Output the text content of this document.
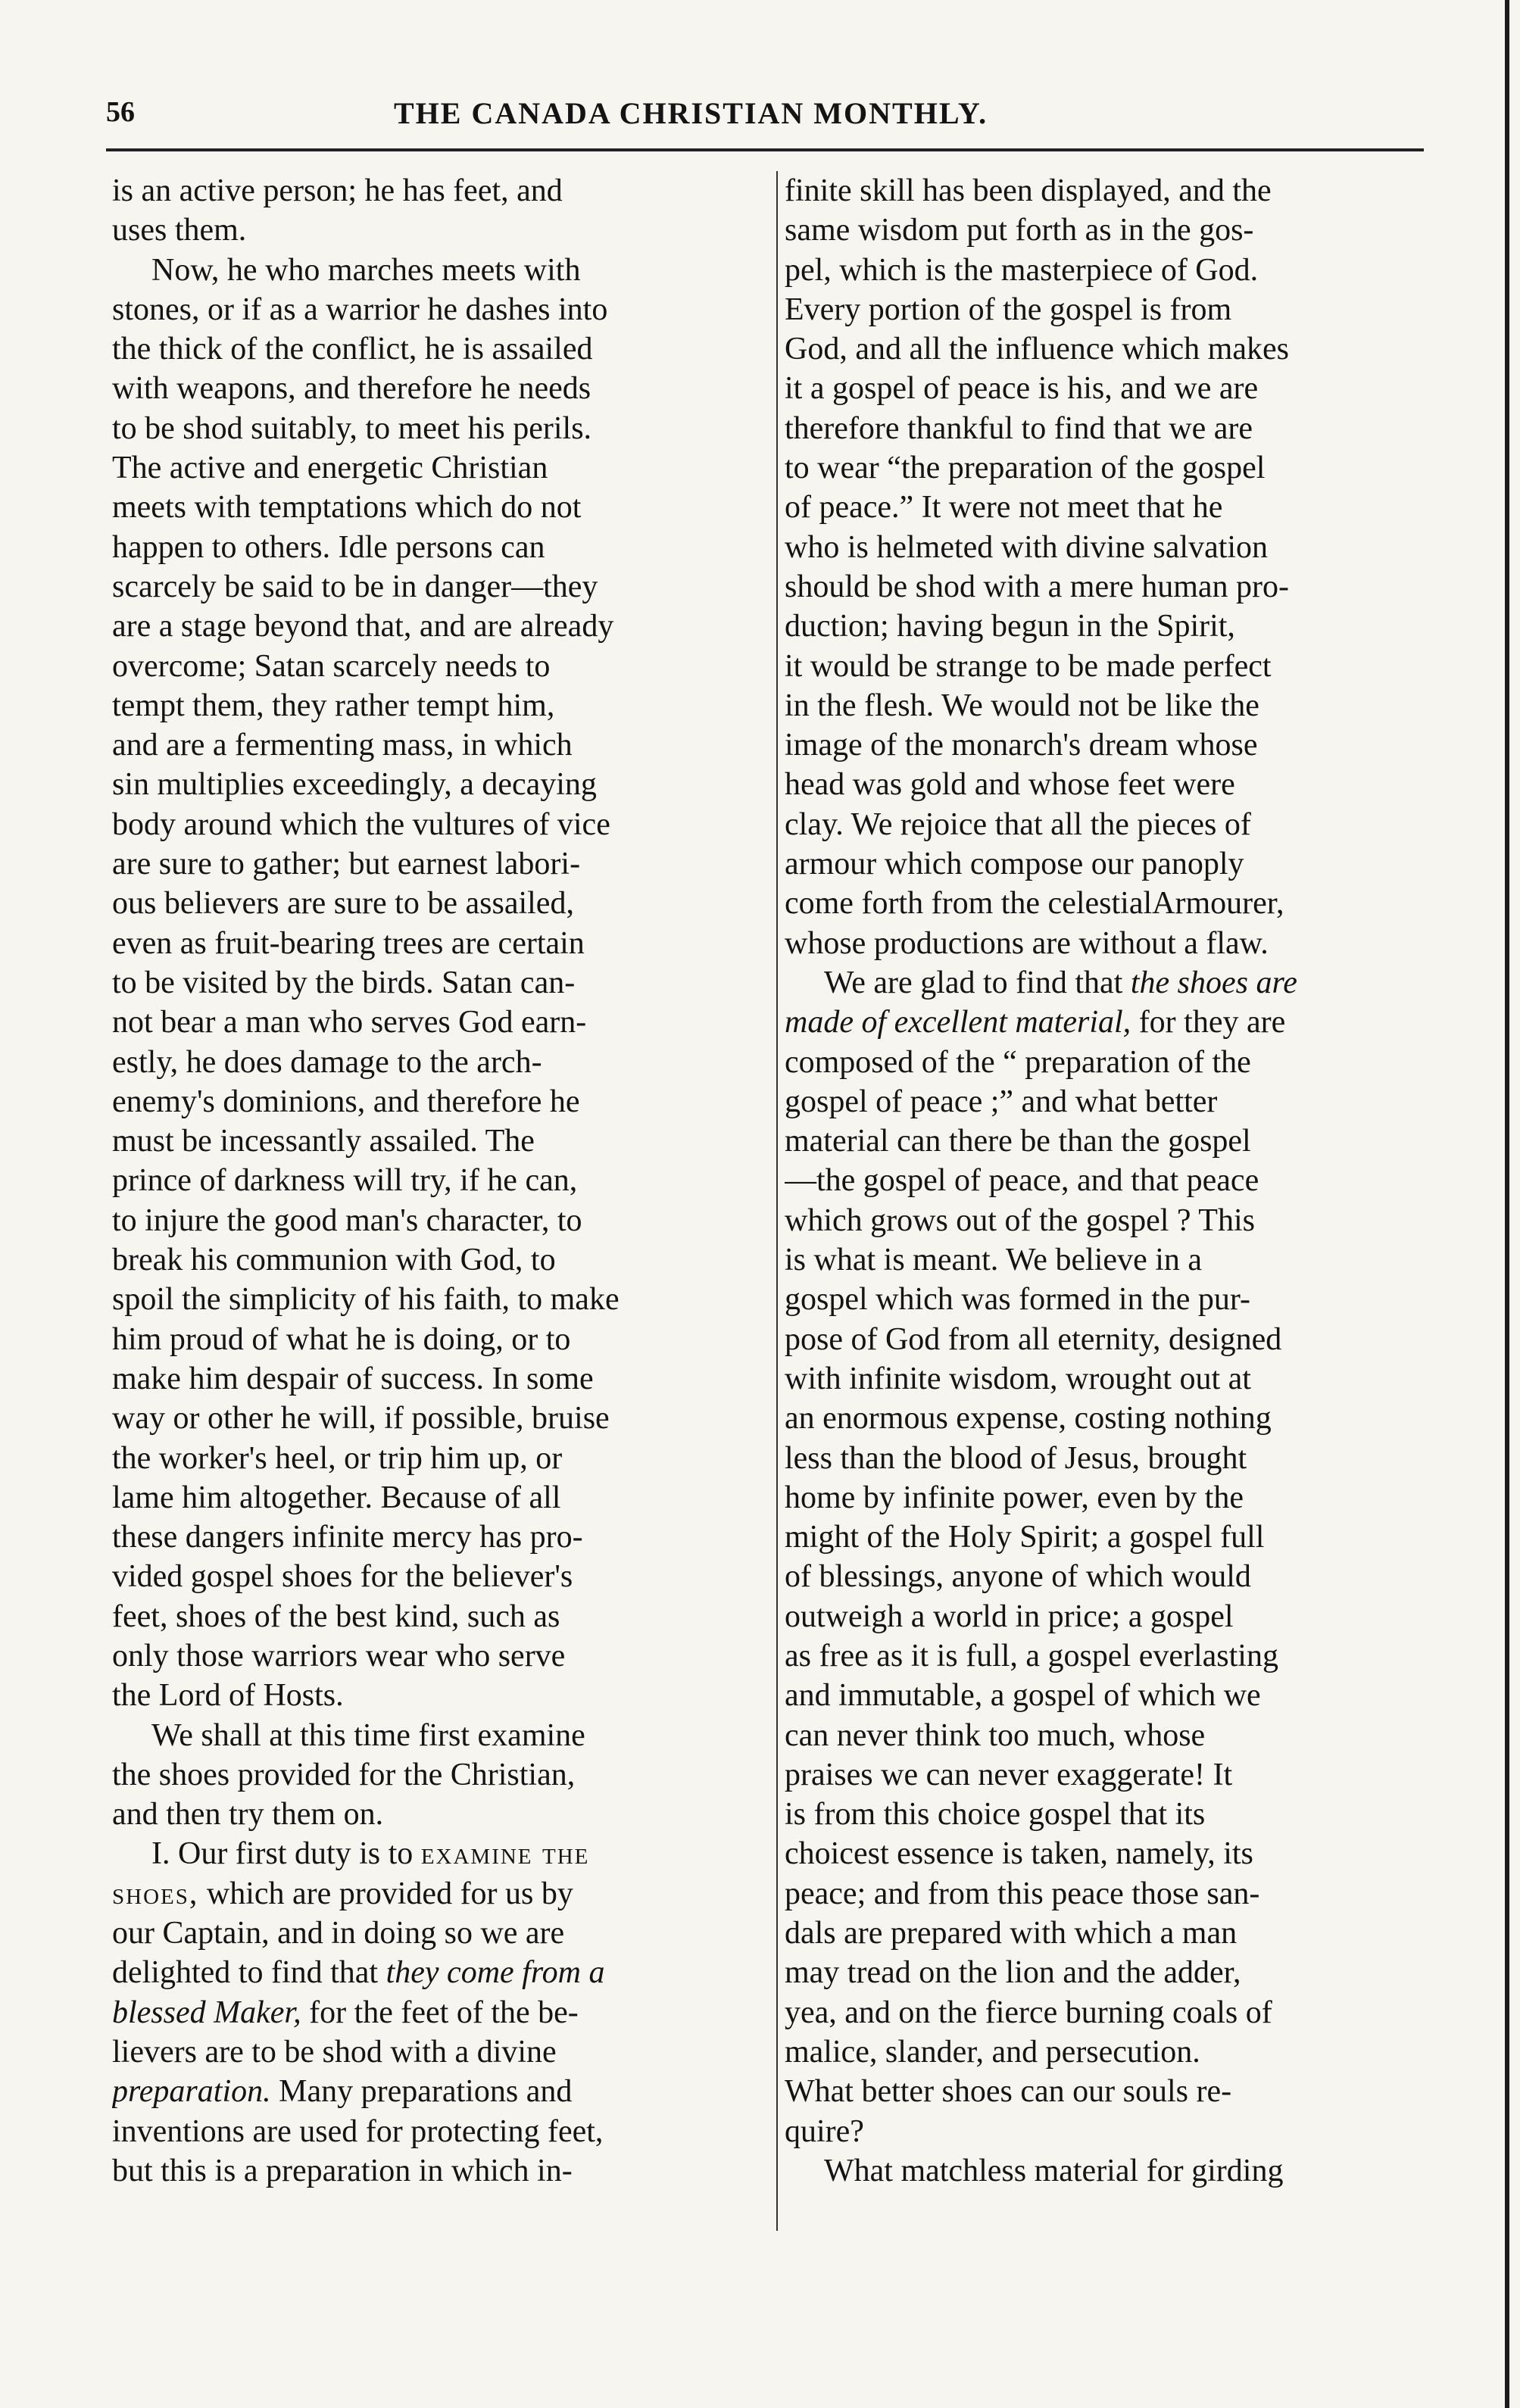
56	THE CANADA CHRISTIAN MONTHLY.
is an active person; he has feet, and
uses them.
Now, he who marches meets with
stones, or if as a warrior he dashes into
the thick of the conflict, he is assailed
with weapons, and therefore he needs
to be shod suitably, to meet his perils.
The active and energetic Christian
meets with temptations which do not
happen to others. Idle persons can
scarcely be said to be in danger—they
are a stage beyond that, and are already
overcome; Satan scarcely needs to
tempt them, they rather tempt him,
and are a fermenting mass, in which
sin multiplies exceedingly, a decaying
body around which the vultures of vice
are sure to gather; but earnest labori-
ous believers are sure to be assailed,
even as fruit-bearing trees are certain
to be visited by the birds. Satan can-
not bear a man who serves God earn-
estly, he does damage to the arch-
enemy's dominions, and therefore he
must be incessantly assailed. The
prince of darkness will try, if he can,
to injure the good man's character, to
break his communion with God, to
spoil the simplicity of his faith, to make
him proud of what he is doing, or to
make him despair of success. In some
way or other he will, if possible, bruise
the worker's heel, or trip him up, or
lame him altogether. Because of all
these dangers infinite mercy has pro-
vided gospel shoes for the believer's
feet, shoes of the best kind, such as
only those warriors wear who serve
the Lord of Hosts.
We shall at this time first examine
the shoes provided for the Christian,
and then try them on.
I. Our first duty is to examine the
shoes, which are provided for us by
our Captain, and in doing so we are
delighted to find that they come from a
blessed Maker, for the feet of the be-
lievers are to be shod with a divine
preparation. Many preparations and
inventions are used for protecting feet,
but this is a preparation in which in-
finite skill has been displayed, and the
same wisdom put forth as in the gos-
pel, which is the masterpiece of God.
Every portion of the gospel is from
God, and all the influence which makes
it a gospel of peace is his, and we are
therefore thankful to find that we are
to wear “the preparation of the gospel
of peace.” It were not meet that he
who is helmeted with divine salvation
should be shod with a mere human pro-
duction; having begun in the Spirit,
it would be strange to be made perfect
in the flesh. We would not be like the
image of the monarch's dream whose
head was gold and whose feet were
clay. We rejoice that all the pieces of
armour which compose our panoply
come forth from the celestialArmourer,
whose productions are without a flaw.
We are glad to find that the shoes are
made of excellent material, for they are
composed of the “ preparation of the
gospel of peace ;” and what better
material can there be than the gospel
—the gospel of peace, and that peace
which grows out of the gospel ? This
is what is meant. We believe in a
gospel which was formed in the pur-
pose of God from all eternity, designed
with infinite wisdom, wrought out at
an enormous expense, costing nothing
less than the blood of Jesus, brought
home by infinite power, even by the
might of the Holy Spirit; a gospel full
of blessings, anyone of which would
outweigh a world in price; a gospel
as free as it is full, a gospel everlasting
and immutable, a gospel of which we
can never think too much, whose
praises we can never exaggerate! It
is from this choice gospel that its
choicest essence is taken, namely, its
peace; and from this peace those san-
dals are prepared with which a man
may tread on the lion and the adder,
yea, and on the fierce burning coals of
malice, slander, and persecution.
What better shoes can our souls re-
quire?
What matchless material for girding
